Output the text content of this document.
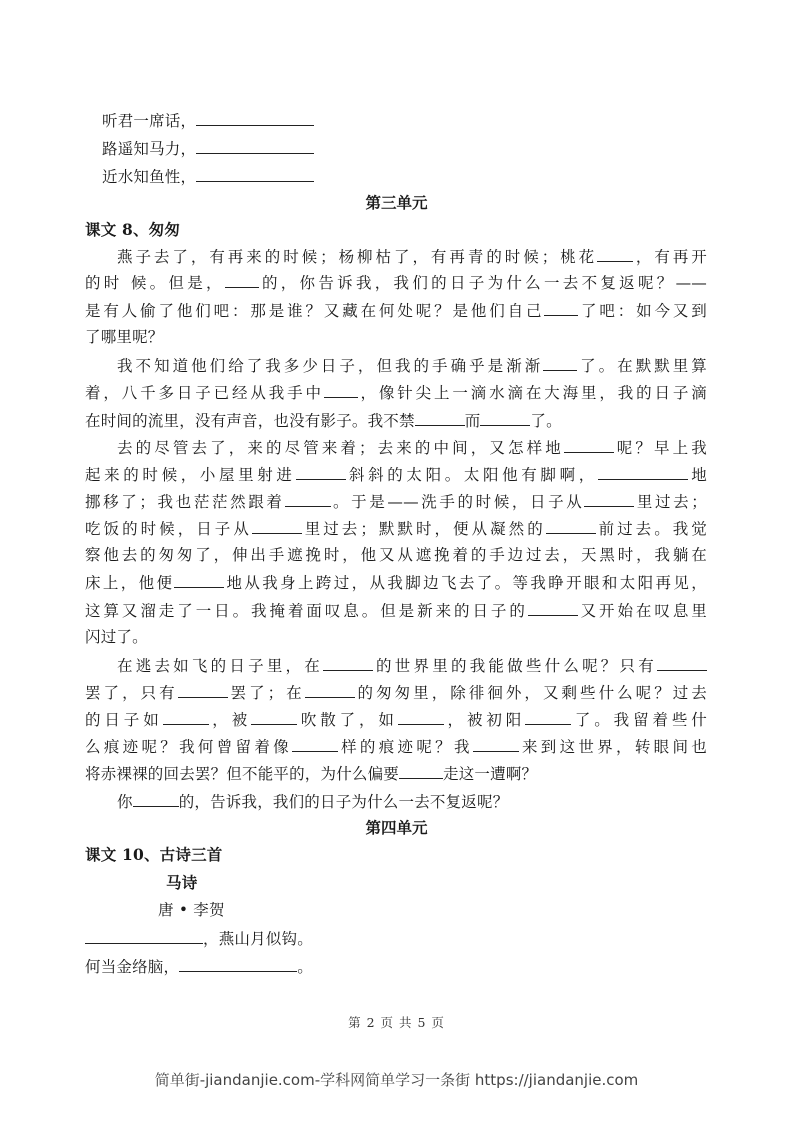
听君一席话，
路遥知马力，
近水知鱼性，
第三单元
课文 8、匆匆
燕子去了，有再来的时候；杨柳枯了，有再青的时候；桃花 ，有再开
的时 候。但是， 的，你告诉我，我们的日子为什么一去不复返呢？——
是有人偷了他们吧：那是谁？又藏在何处呢？是他们自己 了吧：如今又到
了哪里呢？
我不知道他们给了我多少日子，但我的手确乎是渐渐 了。在默默里算
着，八千多日子已经从我手中 ，像针尖上一滴水滴在大海里，我的日子滴
在时间的流里，没有声音，也没有影子。我不禁	而	了。
去的尽管去了，来的尽管来着；去来的中间，又怎样地	呢？早上我
起来的时候，小屋里射进	斜斜的太阳。太阳他有脚啊，	地
挪移了；我也茫茫然跟着	。于是——洗手的时候，日子从	里过去；
吃饭的时候，日子从	里过去；默默时，便从凝然的	前过去。我觉
察他去的匆匆了，伸出手遮挽时，他又从遮挽着的手边过去，天黑时，我躺在
床上，他便	地从我身上跨过，从我脚边飞去了。等我睁开眼和太阳再见，
这算又溜走了一日。我掩着面叹息。但是新来的日子的	又开始在叹息里
闪过了。
在逃去如飞的日子里，在	的世界里的我能做些什么呢？只有
罢了，只有	罢了；在	的匆匆里，除徘徊外，又剩些什么呢？过去
的日子如	，被	吹散了，如	，被初阳	了。我留着些什
么痕迹呢？我何曾留着像	样的痕迹呢？我	来到这世界，转眼间也
将赤裸裸的回去罢？但不能平的，为什么偏要	走这一遭啊？
你	的，告诉我，我们的日子为什么一去不复返呢？
第四单元
课文 10、古诗三首
马诗
唐 • 李贺
，燕山月似钩。
何当金络脑，	。
第 2 页 共 5 页
简单街-jiandanjie.com-学科网简单学习一条街 https://jiandanjie.com
